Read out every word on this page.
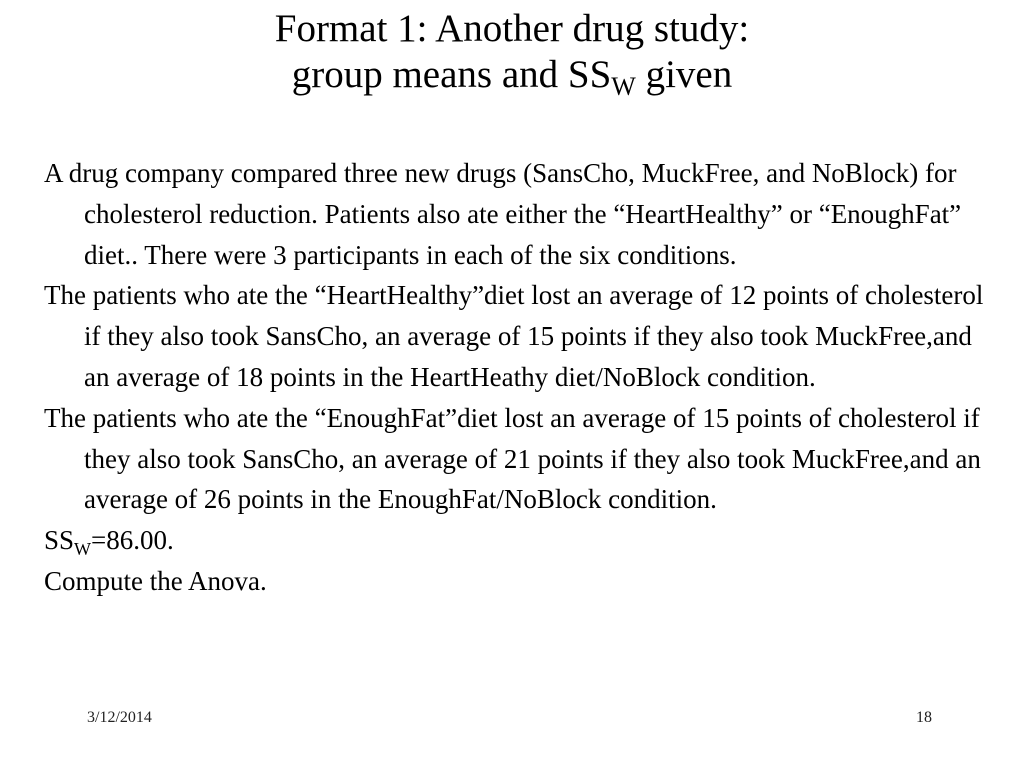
Format 1: Another drug study:
group means and $SS_W$ given

A drug company compared three new drugs (SansCho, MuckFree, and NoBlock) for cholesterol reduction. Patients also ate either the “HeartHealthy” or “EnoughFat” diet.. There were 3 participants in each of the six conditions.

The patients who ate the “HeartHealthy”diet lost an average of 12 points of cholesterol if they also took SansCho, an average of 15 points if they also took MuckFree,and an average of 18 points in the HeartHeathy diet/NoBlock condition.

The patients who ate the “EnoughFat”diet lost an average of 15 points of cholesterol if they also took SansCho, an average of 21 points if they also took MuckFree,and an average of 26 points in the EnoughFat/NoBlock condition.

$SS_W=86.00$.

Compute the Anova.

3/12/2014	18
